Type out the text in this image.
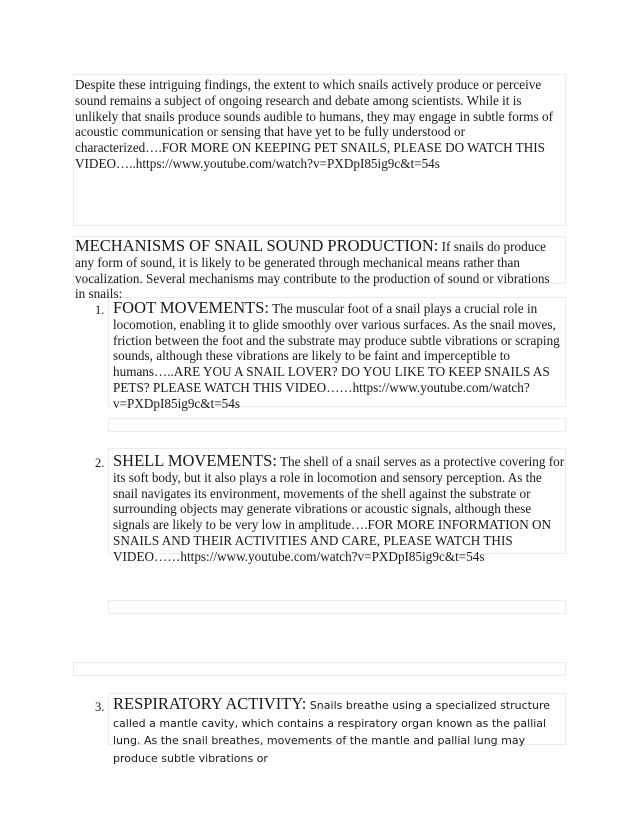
Despite these intriguing findings, the extent to which snails actively produce or perceive sound remains a subject of ongoing research and debate among scientists. While it is unlikely that snails produce sounds audible to humans, they may engage in subtle forms of acoustic communication or sensing that have yet to be fully understood or characterized….FOR MORE ON KEEPING PET SNAILS, PLEASE DO WATCH THIS VIDEO…..https://www.youtube.com/watch?v=PXDpI85ig9c&t=54s

MECHANISMS OF SNAIL SOUND PRODUCTION: If snails do produce any form of sound, it is likely to be generated through mechanical means rather than vocalization. Several mechanisms may contribute to the production of sound or vibrations in snails:

1. FOOT MOVEMENTS: The muscular foot of a snail plays a crucial role in locomotion, enabling it to glide smoothly over various surfaces. As the snail moves, friction between the foot and the substrate may produce subtle vibrations or scraping sounds, although these vibrations are likely to be faint and imperceptible to humans…..ARE YOU A SNAIL LOVER? DO YOU LIKE TO KEEP SNAILS AS PETS? PLEASE WATCH THIS VIDEO……https://www.youtube.com/watch?v=PXDpI85ig9c&t=54s

2. SHELL MOVEMENTS: The shell of a snail serves as a protective covering for its soft body, but it also plays a role in locomotion and sensory perception. As the snail navigates its environment, movements of the shell against the substrate or surrounding objects may generate vibrations or acoustic signals, although these signals are likely to be very low in amplitude….FOR MORE INFORMATION ON SNAILS AND THEIR ACTIVITIES AND CARE, PLEASE WATCH THIS VIDEO……https://www.youtube.com/watch?v=PXDpI85ig9c&t=54s

3. RESPIRATORY ACTIVITY: Snails breathe using a specialized structure called a mantle cavity, which contains a respiratory organ known as the pallial lung. As the snail breathes, movements of the mantle and pallial lung may produce subtle vibrations or
